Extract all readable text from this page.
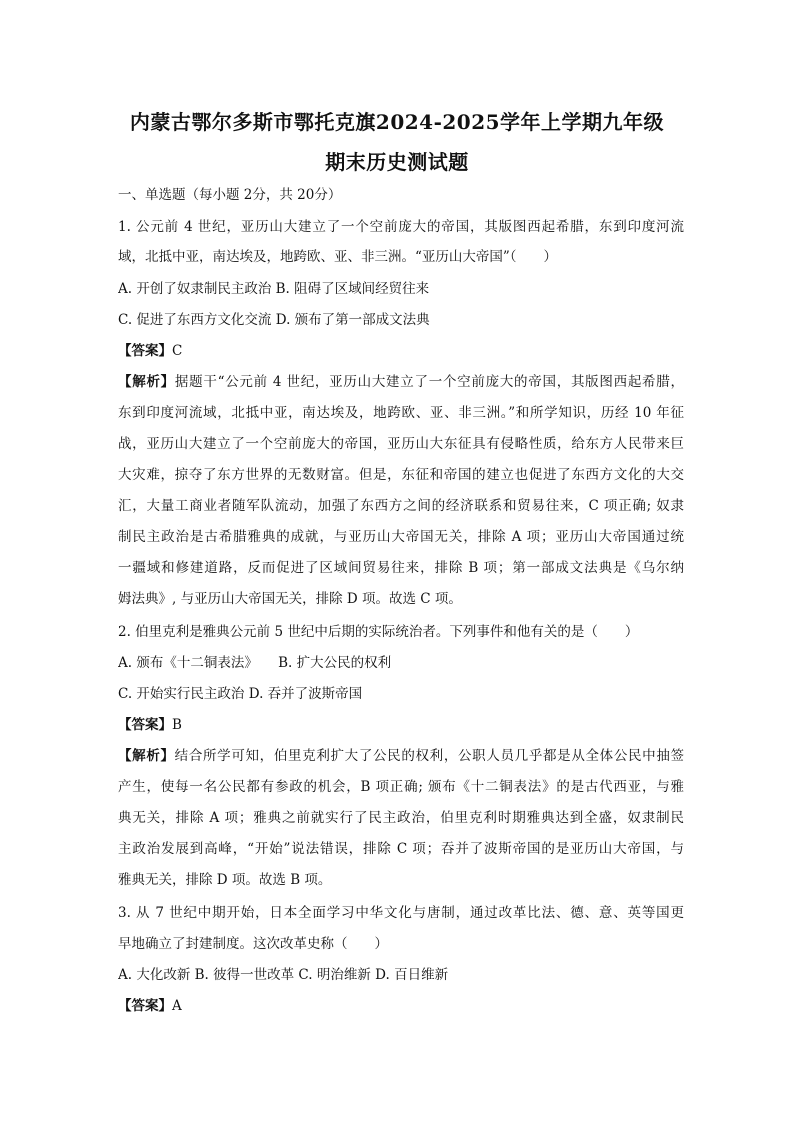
内蒙古鄂尔多斯市鄂托克旗2024-2025学年上学期九年级
期末历史测试题
一、单选题（每小题 2分，共 20分）
1. 公元前 4 世纪，亚历山大建立了一个空前庞大的帝国，其版图西起希腊，东到印度河流
域，北抵中亚，南达埃及，地跨欧、亚、非三洲。“亚历山大帝国”（　　）
A. 开创了奴隶制民主政治 B. 阻碍了区域间经贸往来
C. 促进了东西方文化交流 D. 颁布了第一部成文法典
【答案】C
【解析】据题干“公元前 4 世纪，亚历山大建立了一个空前庞大的帝国，其版图西起希腊，
东到印度河流域，北抵中亚，南达埃及，地跨欧、亚、非三洲。”和所学知识，历经 10 年征
战，亚历山大建立了一个空前庞大的帝国，亚历山大东征具有侵略性质，给东方人民带来巨
大灾难，掠夺了东方世界的无数财富。但是，东征和帝国的建立也促进了东西方文化的大交
汇，大量工商业者随军队流动，加强了东西方之间的经济联系和贸易往来，C 项正确; 奴隶
制民主政治是古希腊雅典的成就，与亚历山大帝国无关，排除 A 项；亚历山大帝国通过统
一疆域和修建道路，反而促进了区域间贸易往来，排除 B 项；第一部成文法典是《乌尔纳
姆法典》, 与亚历山大帝国无关，排除 D 项。故选 C 项。
2. 伯里克利是雅典公元前 5 世纪中后期的实际统治者。下列事件和他有关的是（　　）
A. 颁布《十二铜表法》　　B. 扩大公民的权利
C. 开始实行民主政治 D. 吞并了波斯帝国
【答案】B
【解析】结合所学可知，伯里克利扩大了公民的权利，公职人员几乎都是从全体公民中抽签
产生，使每一名公民都有参政的机会，B 项正确; 颁布《十二铜表法》的是古代西亚，与雅
典无关，排除 A 项；雅典之前就实行了民主政治，伯里克利时期雅典达到全盛，奴隶制民
主政治发展到高峰，“开始”说法错误，排除 C 项；吞并了波斯帝国的是亚历山大帝国，与
雅典无关，排除 D 项。故选 B 项。
3. 从 7 世纪中期开始，日本全面学习中华文化与唐制，通过改革比法、德、意、英等国更
早地确立了封建制度。这次改革史称（　　）
A. 大化改新 B. 彼得一世改革 C. 明治维新 D. 百日维新
【答案】A
